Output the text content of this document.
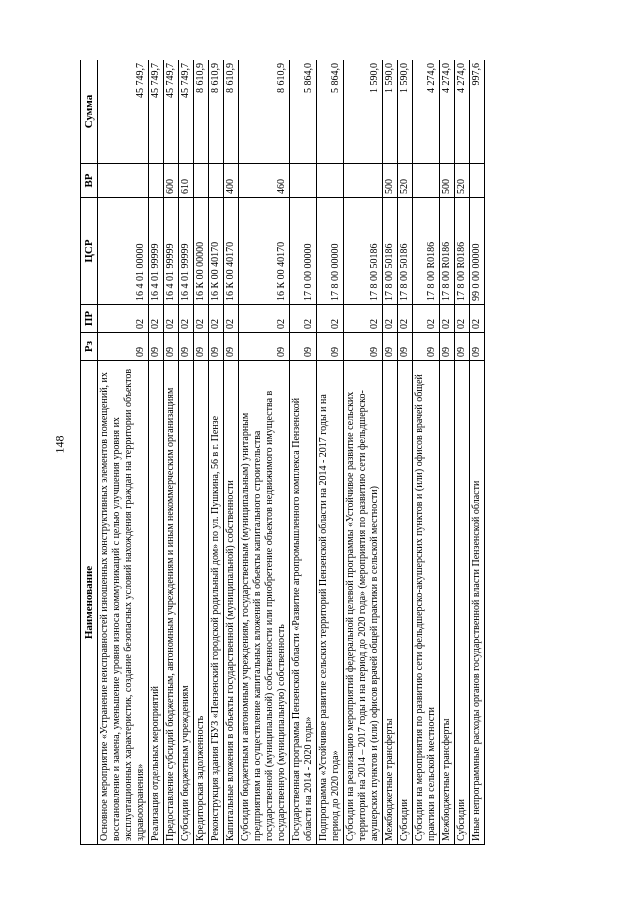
148
Наименование	Рз	ПР	ЦСР	ВР	Сумма
Основное мероприятие «Устранение неисправностей изношенных конструктивных элементов помещений, их восстановление и замена, уменьшение уровня износа коммуникаций с целью улучшения уровня их эксплуатационных характеристик, создание безопасных условий нахождения граждан на территории объектов здравоохранения»	09	02	16 4 01 00000		45 749,7
Реализация отдельных мероприятий	09	02	16 4 01 99999		45 749,7
Предоставление субсидий бюджетным, автономным учреждениям и иным некоммерческим организациям	09	02	16 4 01 99999	600	45 749,7
Субсидии бюджетным учреждениям	09	02	16 4 01 99999	610	45 749,7
Кредиторская задолженность	09	02	16 К 00 00000		8 610,9
Реконструкция здания ГБУЗ «Пензенский городской родильный дом» по ул. Пушкина, 56 в г. Пензе	09	02	16 К 00 40170		8 610,9
Капитальные вложения в объекты государственной (муниципальной) собственности	09	02	16 К 00 40170	400	8 610,9
Субсидии бюджетным и автономным учреждениям, государственным (муниципальным) унитарным предприятиям на осуществление капитальных вложений в объекты капитального строительства государственной (муниципальной) собственности или приобретение объектов недвижимого имущества в государственную (муниципальную) собственность	09	02	16 К 00 40170	460	8 610,9
Государственная программа Пензенской области «Развитие агропромышленного комплекса Пензенской области на 2014 - 2020 годы»	09	02	17 0 00 00000		5 864,0
Подпрограмма «Устойчивое развитие сельских территорий Пензенской области на 2014 - 2017 годы и на период до 2020 года»	09	02	17 8 00 00000		5 864,0
Субсидии на реализацию мероприятий федеральной целевой программы «Устойчивое развитие сельских территорий на 2014 – 2017 годы и на период до 2020 года» (мероприятия по развитию сети фельдшерско-акушерских пунктов и (или) офисов врачей общей практики в сельской местности)	09	02	17 8 00 50186		1 590,0
Межбюджетные трансферты	09	02	17 8 00 50186	500	1 590,0
Субсидии	09	02	17 8 00 50186	520	1 590,0
Субсидии на мероприятия по развитию сети фельдшерско-акушерских пунктов и (или) офисов врачей общей практики в сельской местности	09	02	17 8 00 R0186		4 274,0
Межбюджетные трансферты	09	02	17 8 00 R0186	500	4 274,0
Субсидии	09	02	17 8 00 R0186	520	4 274,0
Иные непрограммные расходы органов государственной власти Пензенской области	09	02	99 0 00 00000		997,6
